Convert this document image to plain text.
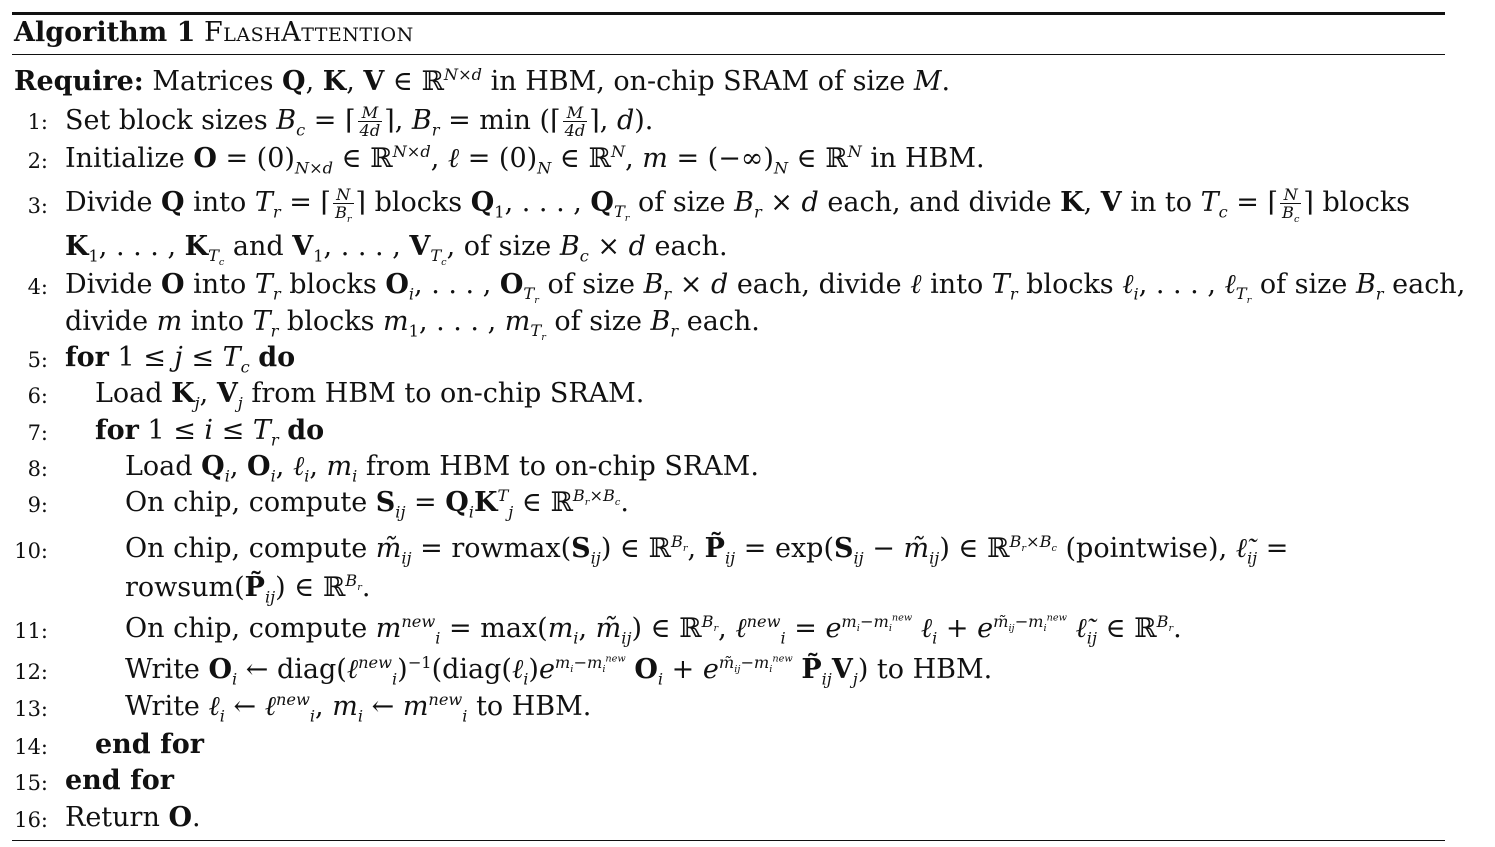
Algorithm 1 FlashAttention
Require: Matrices Q, K, V ∈ ℝ$^{N\times d}$ in HBM, on-chip SRAM of size M.
1: Set block sizes $B_c$ = ⌈ $\frac{M}{4d}$ ⌉, $B_r = \min$ (⌈ $\frac{M}{4d}$ ⌉, d).
2: Initialize $O = (0)_{N\times d}$ ∈ ℝ$^{N\times d}$, ℓ = $(0)_N$ ∈ ℝ$^N$, $m = (-\infty)_N$ ∈ ℝ$^N$ in HBM.
3: Divide Q into $T_r$ = ⌈ $\frac{N}{B_r}$ ⌉ blocks $Q_1$, . . . , $Q_{T_r}$ of size $B_r \times d$ each, and divide K, V in to $T_c$ = ⌈ $\frac{N}{B_c}$ ⌉ blocks
$K_1$, . . . , $K_{T_c}$ and $V_1$, . . . , $V_{T_c}$, of size $B_c \times d$ each.
4: Divide O into $T_r$ blocks $O_i$, . . . , $O_{T_r}$ of size $B_r \times d$ each, divide ℓ into $T_r$ blocks ℓ$_i$, . . . , ℓ$_{T_r}$ of size $B_r$ each,
divide m into $T_r$ blocks $m_1$, . . . , $m_{T_r}$ of size $B_r$ each.
5: for $1 \le j \le T_c$ do
6: Load $K_j$, $V_j$ from HBM to on-chip SRAM.
7: for $1 \le i \le T_r$ do
8:	Load $Q_i$, $O_i$, ℓ$_i$, $m_i$ from HBM to on-chip SRAM.
9:	On chip, compute $S_{ij} = Q_iK^T_j$ ∈ ℝ$^{B_r\times B_c}$.
10:	On chip, compute $m̃_{ij} = rowmax(S_{ij})$ ∈ ℝ$^{B_r}$, $P̃_{ij} = \exp(S_{ij}$ − $m̃_{ij}$) ∈ ℝ$^{B_r\times B_c}$ (pointwise), $\ell̃_{ij}$ =
$rowsum(P̃_{ij})$ ∈ ℝ$^{B_r}$.
11:	On chip, compute $m^{new}_i = \max(m_i$, $m̃_{ij}$) ∈ ℝ$^{B_r}$, ℓ$^{new}_i$ = $e^{m_i-m_i^{new}}$ ℓ$_i$ + $e^{m̃_{ij}-m_i^{new}}$ $\ell̃_{ij}$ ∈ ℝ$^{B_r}$.
12:	Write $O_i$ ← $diag(\ell^{new}_i)^{-1}(diag(\ell_i)e^{m_i-m_i^{new}}$ $O_i + e^{m̃_{ij}-m_i^{new}}$ $P̃_{ij}V_j$) to HBM.
13:	Write ℓ$_i$ ← ℓ$^{new}_i$, $m_i$ ← $m^{new}_i$ to HBM.
14: end for
15: end for
16: Return O.
